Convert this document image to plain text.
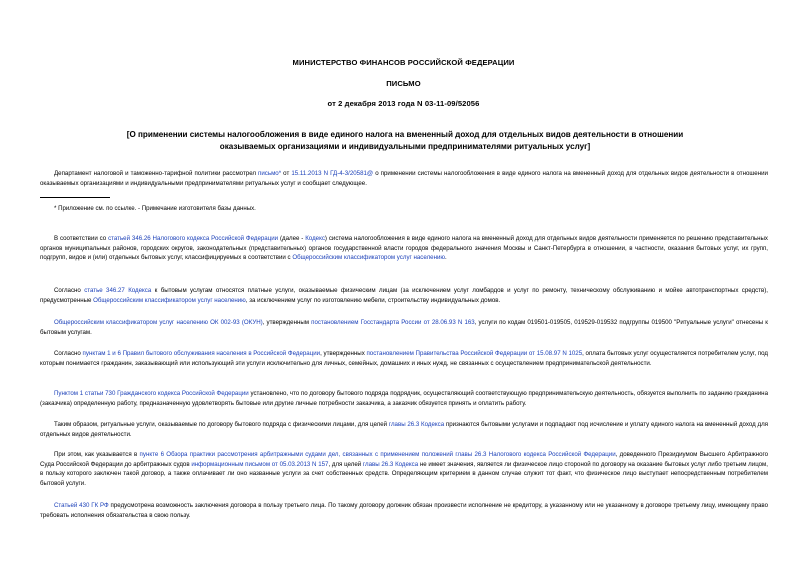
МИНИСТЕРСТВО ФИНАНСОВ РОССИЙСКОЙ ФЕДЕРАЦИИ
ПИСЬМО
от 2 декабря 2013 года N 03-11-09/52056
[О применении системы налогообложения в виде единого налога на вмененный доход для отдельных видов деятельности в отношении оказываемых организациями и индивидуальными предпринимателями ритуальных услуг]

Департамент налоговой и таможенно-тарифной политики рассмотрел письмо* от 15.11.2013 N ГД-4-3/20581@ о применении системы налогообложения в виде единого налога на вмененный доход для отдельных видов деятельности в отношении оказываемых организациями и индивидуальными предпринимателями ритуальных услуг и сообщает следующее.

* Приложение см. по ссылке. - Примечание изготовителя базы данных.

В соответствии со статьей 346.26 Налогового кодекса Российской Федерации (далее - Кодекс) система налогообложения в виде единого налога на вмененный доход для отдельных видов деятельности применяется по решению представительных органов муниципальных районов, городских округов, законодательных (представительных) органов государственной власти городов федерального значения Москвы и Санкт-Петербурга в отношении, в частности, оказания бытовых услуг, их групп, подгрупп, видов и (или) отдельных бытовых услуг, классифицируемых в соответствии с Общероссийским классификатором услуг населению.

Согласно статье 346.27 Кодекса к бытовым услугам относятся платные услуги, оказываемые физическим лицам (за исключением услуг ломбардов и услуг по ремонту, техническому обслуживанию и мойке автотранспортных средств), предусмотренные Общероссийским классификатором услуг населению, за исключением услуг по изготовлению мебели, строительству индивидуальных домов.

Общероссийским классификатором услуг населению ОК 002-93 (ОКУН), утвержденным постановлением Госстандарта России от 28.06.93 N 163, услуги по кодам 019501-019505, 019529-019532 подгруппы 019500 "Ритуальные услуги" отнесены к бытовым услугам.

Согласно пунктам 1 и 6 Правил бытового обслуживания населения в Российской Федерации, утвержденных постановлением Правительства Российской Федерации от 15.08.97 N 1025, оплата бытовых услуг осуществляется потребителем услуг, под которым понимается гражданин, заказывающий или использующий эти услуги исключительно для личных, семейных, домашних и иных нужд, не связанных с осуществлением предпринимательской деятельности.

Пунктом 1 статьи 730 Гражданского кодекса Российской Федерации установлено, что по договору бытового подряда подрядчик, осуществляющий соответствующую предпринимательскую деятельность, обязуется выполнить по заданию гражданина (заказчика) определенную работу, предназначенную удовлетворять бытовые или другие личные потребности заказчика, а заказчик обязуется принять и оплатить работу.

Таким образом, ритуальные услуги, оказываемые по договору бытового подряда с физическими лицами, для целей главы 26.3 Кодекса признаются бытовыми услугами и подпадают под исчисление и уплату единого налога на вмененный доход для отдельных видов деятельности.

При этом, как указывается в пункте 6 Обзора практики рассмотрения арбитражными судами дел, связанных с применением положений главы 26.3 Налогового кодекса Российской Федерации, доведенного Президиумом Высшего Арбитражного Суда Российской Федерации до арбитражных судов информационным письмом от 05.03.2013 N 157, для целей главы 26.3 Кодекса не имеет значения, является ли физическое лицо стороной по договору на оказание бытовых услуг либо третьим лицом, в пользу которого заключен такой договор, а также оплачивает ли оно названные услуги за счет собственных средств. Определяющим критерием в данном случае служит тот факт, что физическое лицо выступает непосредственным потребителем бытовой услуги.

Статьей 430 ГК РФ предусмотрена возможность заключения договора в пользу третьего лица. По такому договору должник обязан произвести исполнение не кредитору, а указанному или не указанному в договоре третьему лицу, имеющему право требовать исполнения обязательства в свою пользу.
